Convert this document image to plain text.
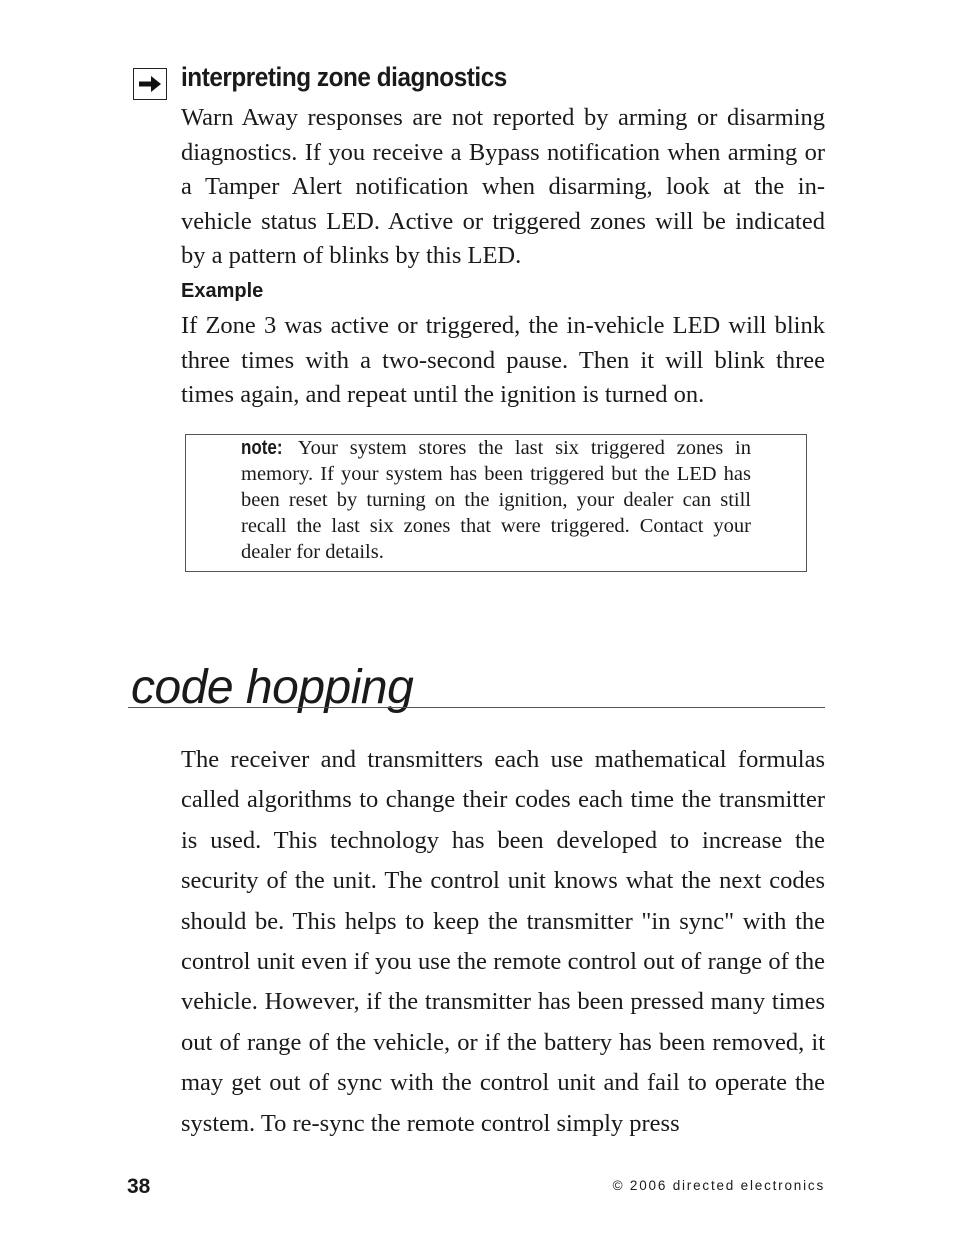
interpreting zone diagnostics

Warn Away responses are not reported by arming or disarming diagnostics. If you receive a Bypass notification when arming or a Tamper Alert notification when disarming, look at the in-vehicle status LED. Active or triggered zones will be indicated by a pattern of blinks by this LED.

Example

If Zone 3 was active or triggered, the in-vehicle LED will blink three times with a two-second pause. Then it will blink three times again, and repeat until the ignition is turned on.

note: Your system stores the last six triggered zones in memory. If your system has been triggered but the LED has been reset by turning on the ignition, your dealer can still recall the last six zones that were triggered. Contact your dealer for details.

code hopping

The receiver and transmitters each use mathematical formulas called algorithms to change their codes each time the transmitter is used. This technology has been developed to increase the security of the unit. The control unit knows what the next codes should be. This helps to keep the transmitter "in sync" with the control unit even if you use the remote control out of range of the vehicle. However, if the transmitter has been pressed many times out of range of the vehicle, or if the battery has been removed, it may get out of sync with the control unit and fail to operate the system. To re-sync the remote control simply press

38	© 2006 directed electronics
